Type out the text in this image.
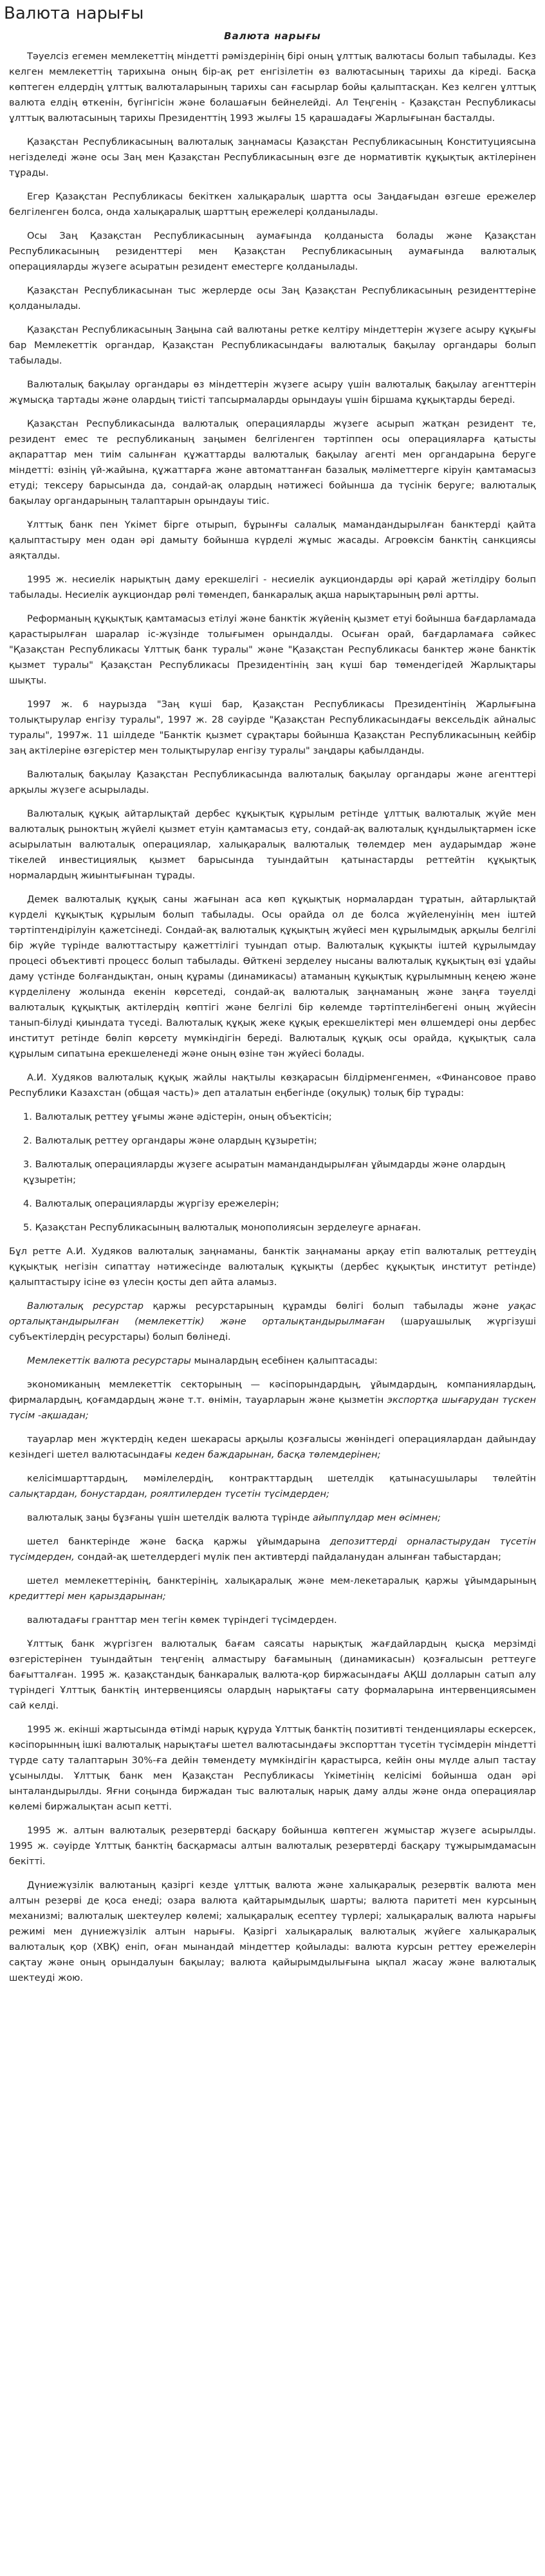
Валюта нарығы
Валюта нарығы

Тәуелсіз егемен мемлекеттің міндетті рәміздерінің бірі оның ұлттық валютасы болып табылады. Кез келген мемлекеттің тарихына оның бір-ақ рет енгізілетін өз валютасының тарихы да кіреді. Басқа көптеген елдердің ұлттық валюталарының тарихы сан ғасырлар бойы қалыптасқан. Кез келген ұлттық валюта елдің өткенін, бүгінгісін және болашағын бейнелейді. Ал Теңгенің - Қазақстан Республикасы ұлттық валютасының тарихы Президенттің 1993 жылғы 15 қарашадағы Жарлығынан басталды.

Қазақстан Республикасының валюталық заңнамасы Қазақстан Республикасының Конституциясына негізделеді және осы Заң мен Қазақстан Республикасының өзге де нормативтік құқықтық актілерінен тұрады.

Егер Қазақстан Республикасы бекіткен халықаралық шартта осы Заңдағыдан өзгеше ережелер белгіленген болса, онда халықаралық шарттың ережелері қолданылады.

Осы Заң Қазақстан Республикасының аумағында қолданыста болады және Қазақстан Республикасының резиденттері мен Қазақстан Республикасының аумағында валюталық операцияларды жүзеге асыратын резидент еместерге қолданылады.

Қазақстан Республикасынан тыс жерлерде осы Заң Қазақстан Республикасының резиденттеріне қолданылады.

Қазақстан Республикасының Заңына сай валютаны ретке келтіру міндеттерін жүзеге асыру құқығы бар Мемлекеттік органдар, Қазақстан Республикасындағы валюталық бақылау органдары болып табылады.

Валюталық бақылау органдары өз міндеттерін жүзеге асыру үшін валюталық бақылау агенттерін жұмысқа тартады және олардың тиісті тапсырмаларды орындауы үшін біршама құқықтарды береді.

Қазақстан Республикасында валюталық операцияларды жүзеге асырып жатқан резидент те, резидент емес те республиканың заңымен белгіленген тәртіппен осы операцияларға қатысты ақпараттар мен тиім салынған құжаттарды валюталық бақылау агенті мен органдарына беруге міндетті: өзінің үй-жайына, құжаттарға және автоматтанған базалық мәліметтерге кіруін қамтамасыз етуді; тексеру барысында да, сондай-ақ олардың нәтижесі бойынша да түсінік беруге; валюталық бақылау органдарының талаптарын орындауы тиіс.

Ұлттық банк пен Үкімет бірге отырып, бұрынғы салалық мамандандырылған банктерді қайта қалыптастыру мен одан әрі дамыту бойынша күрделі жұмыс жасады. Агроөксім банктің санкциясы аяқталды.

1995 ж. несиелік нарықтың даму ерекшелігі - несиелік аукциондарды әрі қарай жетілдіру болып табылады. Несиелік аукциондар рөлі төмендеп, банкаралық ақша нарықтарының рөлі артты.

Реформаның құқықтық қамтамасыз етілуі және банктік жүйенің қызмет етуі бойынша бағдарламада қарастырылған шаралар іс-жүзінде толығымен орындалды. Осыған орай, бағдарламаға сәйкес "Қазақстан Республикасы Ұлттық банк туралы" және "Қазақстан Республикасы банктер және банктік қызмет туралы" Қазақстан Республикасы Президентінің заң күші бар төмендегідей Жарлықтары шықты.

1997 ж. 6 наурызда "Заң күші бар, Қазақстан Республикасы Президентінің Жарлығына толықтырулар енгізу туралы", 1997 ж. 28 сәуірде "Қазақстан Республикасындағы вексельдік айналыс туралы", 1997ж. 11 шілдеде "Банктік қызмет сұрақтары бойынша Қазақстан Республикасының кейбір заң актілеріне өзгерістер мен толықтырулар енгізу туралы" заңдары қабылданды.

Валюталық бақылау Қазақстан Республикасында валюталық бақылау органдары және агенттері арқылы жүзеге асырылады.

Валюталық құқық айтарлықтай дербес құқықтық құрылым ретінде ұлттық валюталық жүйе мен валюталық рыноктың жүйелі қызмет етуін қамтамасыз ету, сондай-ақ валюталық құндылықтармен іске асырылатын валюталық операциялар, халықаралық валюталық төлемдер мен аударымдар және тікелей инвестициялық қызмет барысында туындайтын қатынастарды реттейтін құқықтық нормалардың жиынтығынан тұрады.

Демек валюталық құқық саны жағынан аса көп құқықтық нормалардан тұратын, айтарлықтай күрделі құқықтық құрылым болып табылады. Осы орайда ол де болса жүйеленуінің мен іштей тәртіптендірілуін қажетсінеді. Сондай-ақ валюталық құқықтың жүйесі мен құрылымдық арқылы белгілі бір жүйе түрінде валюттастыру қажеттілігі туындап отыр. Валюталық құқықты іштей құрылымдау процесі объективті процесс болып табылады. Өйткені зерделеу нысаны валюталық құқықтың өзі ұдайы даму үстінде болғандықтан, оның құрамы (динамикасы) атаманың құқықтық құрылымның кеңею және күрделілену жолында екенін көрсетеді, сондай-ақ валюталық заңнаманың және заңға тәуелді валюталық құқықтық актілердің көптігі және белгілі бір көлемде тәртіптелінбегені оның жүйесін танып-білуді қиындата түседі. Валюталық құқық жеке құқық ерекшеліктері мен өлшемдері оны дербес институт ретінде бөліп көрсету мүмкіндігін береді. Валюталық құқық осы орайда, құқықтық сала құрылым сипатына ерекшеленеді және оның өзіне тән жүйесі болады.

А.И. Худяков валюталық құқық жайлы нақтылы көзқарасын білдірменгенмен, «Финансовое право Республики Казахстан (общая часть)» деп аталатын еңбегінде (оқулық) толық бір тұрады:

1. Валюталық реттеу ұғымы және әдістерін, оның объектісін;

2. Валюталық реттеу органдары және олардың құзыретін;

3. Валюталық операцияларды жүзеге асыратын мамандандырылған ұйымдарды және олардың құзыретін;

4. Валюталық операцияларды жүргізу ережелерін;

5. Қазақстан Республикасының валюталық монополиясын зерделеуге арнаған.

Бұл ретте А.И. Худяков валюталық заңнаманы, банктік заңнаманы арқау етіп валюталық реттеудің құқықтық негізін сипаттау нәтижесінде валюталық құқықты (дербес құқықтық институт ретінде) қалыптастыру ісіне өз үлесін қосты деп айта аламыз.

Валюталық ресурстар қаржы ресурстарының құрамды бөлігі болып табылады және уақас орталықтандырылған (мемлекеттік) және орталықтандырылмаған (шаруашылық жүргізуші субъектілердің ресурстары) болып бөлінеді.

Мемлекеттік валюта ресурстары мыналардың есебінен қалыптасады:

экономиканың мемлекеттік секторының — кәсіпорындардың, ұйымдардың, компаниялардың, фирмалардың, қоғамдардың және т.т. өнімін, тауарларын және қызметін экспортқа шығарудан түскен түсім -ақшадан;

тауарлар мен жүктердің кеден шекарасы арқылы қозғалысы жөніндегі операциялардан дайындау кезіндегі шетел валютасындағы кеден баждарынан, басқа төлемдерінен;

келісімшарттардың, мәмілелердің, контракттардың шетелдік қатынасушылары төлейтін салықтардан, бонустардан, роялтилерден түсетін түсімдерден;

валюталық заңы бұзғаны үшін шетелдік валюта түрінде айыппұлдар мен өсімнен;

шетел банктерінде және басқа қаржы ұйымдарына депозиттерді орналастырудан түсетін түсімдерден, сондай-ақ шетелдердегі мүлік пен активтерді пайдаланудан алынған табыстардан;

шетел мемлекеттерінің, банктерінің, халықаралық және мем-лекетаралық қаржы ұйымдарының кредиттері мен қарыздарынан;

валютадағы гранттар мен тегін көмек түріндегі түсімдерден.

Ұлттық банк жүргізген валюталық бағам саясаты нарықтық жағдайлардың қысқа мерзімді өзгерістерінен туындайтын теңгенің алмастыру бағамының (динамикасын) қозғалысын реттеуге бағытталған. 1995 ж. қазақстандық банкаралық валюта-қор биржасындағы АҚШ долларын сатып алу түріндегі Ұлттық банктің интервенциясы олардың нарықтағы сату формаларына интервенциясымен сай келді.

1995 ж. екінші жартысында өтімді нарық құруда Ұлттық банктің позитивті тенденциялары ескерсек, кәсіпорынның ішкі валюталық нарықтағы шетел валютасындағы экспорттан түсетін түсімдерін міндетті түрде сату талаптарын 30%-ға дейін төмендету мүмкіндігін қарастырса, кейін оны мүлде алып тастау ұсынылды. Ұлттық банк мен Қазақстан Республикасы Үкіметінің келісімі бойынша одан әрі ынталандырылды. Яғни соңында биржадан тыс валюталық нарық даму алды және онда операциялар көлемі биржалықтан асып кетті.

1995 ж. алтын валюталық резервтерді басқару бойынша көптеген жұмыстар жүзеге асырылды. 1995 ж. сәуірде Ұлттық банктің басқармасы алтын валюталық резервтерді басқару тұжырымдамасын бекітті.

Дүниежүзілік валютаның қазіргі кезде ұлттық валюта және халықаралық резервтік валюта мен алтын резерві де қоса енеді; озара валюта қайтарымдылық шарты; валюта паритеті мен курсының механизмі; валюталық шектеулер көлемі; халықаралық есептеу түрлері; халықаралық валюта нарығы режимі мен дүниежүзілік алтын нарығы. Қазіргі халықаралық валюталық жүйеге халықаралық валюталық қор (ХВҚ) еніп, оған мынандай міндеттер қойылады: валюта курсын реттеу ережелерін сақтау және оның орындалуын бақылау; валюта қайырымдылығына ықпал жасау және валюталық шектеуді жою.
